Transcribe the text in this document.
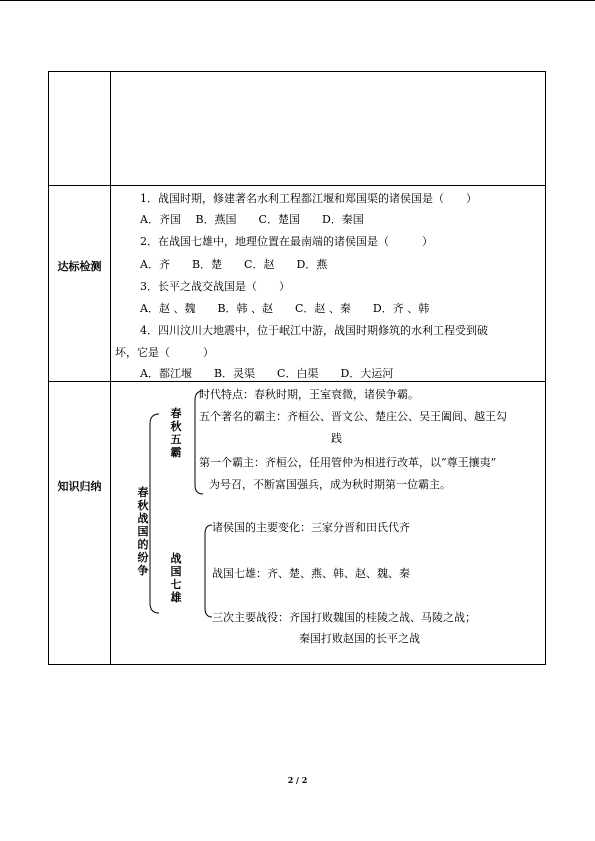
达标检测
知识归纳
1．战国时期，修建著名水利工程都江堰和郑国渠的诸侯国是（　　）
A．齐国　 B．燕国　　C．楚国　　D．秦国
2．在战国七雄中，地理位置在最南端的诸侯国是（　　　）
A．齐　　B．楚　　C．赵　　D．燕
3．长平之战交战国是（　　）
A．赵 、魏　　B．韩 、赵　　C．赵 、秦　　D．齐 、韩
4．四川汶川大地震中，位于岷江中游，战国时期修筑的水利工程受到破
坏，它是（　　　）
A．都江堰　　B．灵渠　　C．白渠　　D．大运河
春秋战国的纷争
春秋五霸
战国七雄
时代特点：春秋时期，王室衰微，诸侯争霸。
五个著名的霸主：齐桓公、晋文公、楚庄公、吴王阖闾、越王勾
践
第一个霸主：齐桓公，任用管仲为相进行改革，以“尊王攘夷”
为号召，不断富国强兵，成为秋时期第一位霸主。
诸侯国的主要变化：三家分晋和田氏代齐
战国七雄：齐、楚、燕、韩、赵、魏、秦
三次主要战役：齐国打败魏国的桂陵之战、马陵之战；
秦国打败赵国的长平之战
2 / 2
